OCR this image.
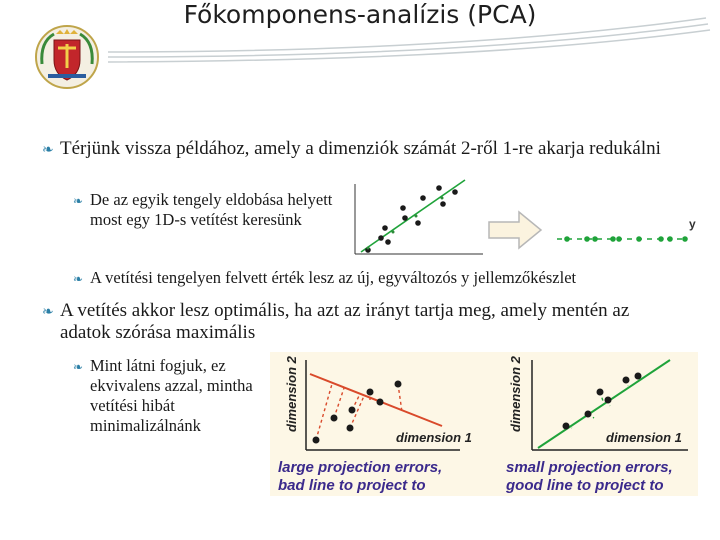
Főkomponens-analízis (PCA)
❧ Térjünk vissza példához, amely a dimenziók számát 2-ről 1-re akarja redukálni
❧ De az egyik tengely eldobása helyett most egy 1D-s vetítést keresünk	y
❧ A vetítési tengelyen felvett érték lesz az új, egyváltozós y jellemzőkészlet
❧ A vetítés akkor lesz optimális, ha azt az irányt tartja meg, amely mentén az adatok szórása maximális
❧ Mint látni fogjuk, ez ekvivalens azzal, mintha vetítési hibát minimalizálnánk	dimension 2
dimension 1
large projection errors,
bad line to project to
dimension 2
dimension 1
small projection errors,
good line to project to
